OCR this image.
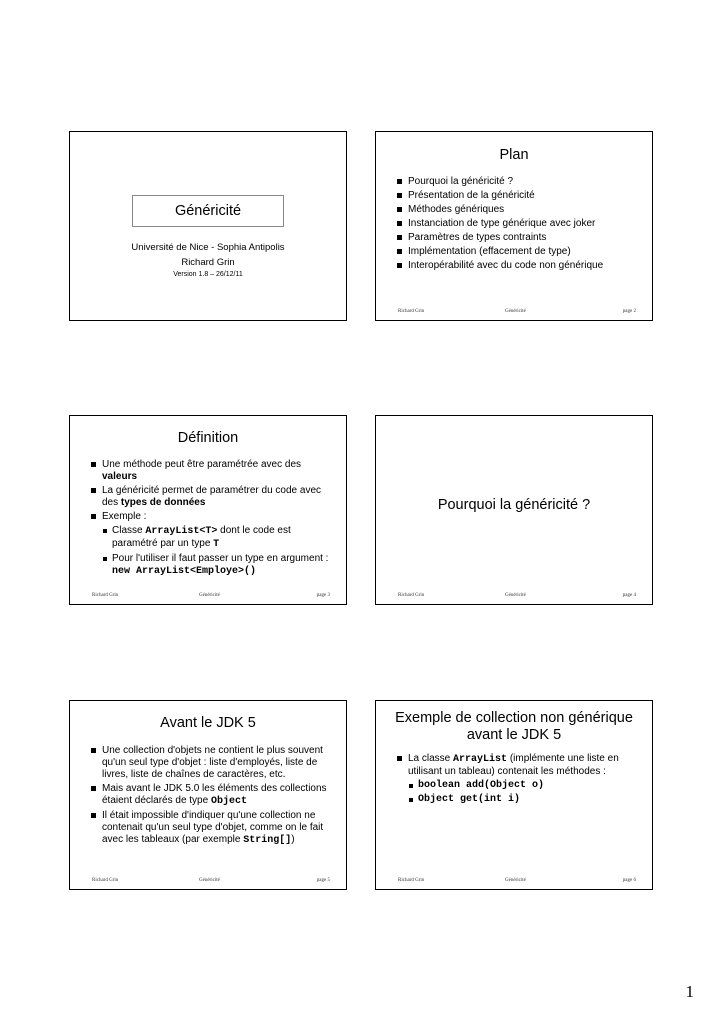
Généricité
Université de Nice - Sophia Antipolis
Richard Grin
Version 1.8 – 26/12/11
Plan
Pourquoi la généricité ?
Présentation de la généricité
Méthodes génériques
Instanciation de type générique avec joker
Paramètres de types contraints
Implémentation (effacement de type)
Interopérabilité avec du code non générique
Richard Grin	Généricité	page 2
Définition
Une méthode peut être paramétrée avec des valeurs
La généricité permet de paramétrer du code avec des types de données
Exemple :
Classe ArrayList<T> dont le code est paramétré par un type T
Pour l'utiliser il faut passer un type en argument :
new ArrayList<Employe>()
Richard Grin	Généricité	page 3
Pourquoi la généricité ?
Richard Grin	Généricité	page 4
Avant le JDK 5
Une collection d'objets ne contient le plus souvent qu'un seul type d'objet : liste d'employés, liste de livres, liste de chaînes de caractères, etc.
Mais avant le JDK 5.0 les éléments des collections étaient déclarés de type Object
Il était impossible d'indiquer qu'une collection ne contenait qu'un seul type d'objet, comme on le fait avec les tableaux (par exemple String[])
Richard Grin	Généricité	page 5
Exemple de collection non générique
avant le JDK 5
La classe ArrayList (implémente une liste en utilisant un tableau) contenait les méthodes :
boolean add(Object o)
Object get(int i)
Richard Grin	Généricité	page 6
1
